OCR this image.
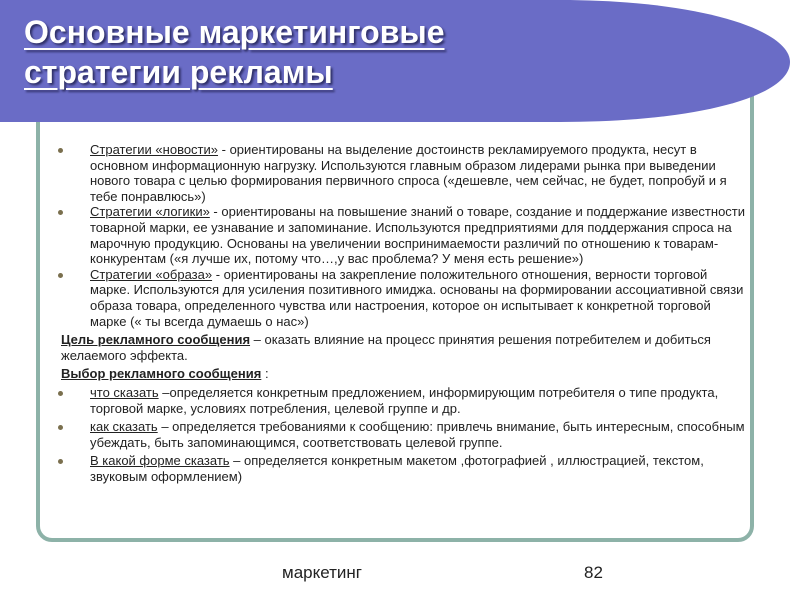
Основные маркетинговые
стратегии рекламы

Стратегии «новости» - ориентированы на выделение достоинств рекламируемого продукта, несут в основном информационную нагрузку. Используются главным образом лидерами рынка при выведении нового товара с целью формирования первичного спроса («дешевле, чем сейчас, не будет, попробуй и я тебе понравлюсь»)

Стратегии «логики» - ориентированы на повышение знаний о товаре, создание и поддержание известности товарной марки, ее узнавание и запоминание. Используются предприятиями для поддержания спроса на марочную продукцию. Основаны на увеличении воспринимаемости различий по отношению к товарам-конкурентам («я лучше их, потому что…,у вас проблема? У меня есть решение»)

Стратегии «образа» - ориентированы на закрепление положительного отношения, верности торговой марке. Используются для усиления позитивного имиджа. основаны на формировании ассоциативной связи образа товара, определенного чувства или настроения, которое он испытывает к конкретной торговой марке (« ты всегда думаешь о нас»)

Цель рекламного сообщения – оказать влияние на процесс принятия решения потребителем и добиться желаемого эффекта.

Выбор рекламного сообщения :

что сказать –определяется конкретным предложением, информирующим потребителя о типе продукта, торговой марке, условиях потребления, целевой группе и др.

как сказать – определяется требованиями к сообщению: привлечь внимание, быть интересным, способным убеждать, быть запоминающимся, соответствовать целевой группе.

В какой форме сказать – определяется конкретным макетом ,фотографией , иллюстрацией, текстом, звуковым оформлением)

маркетинг	82
